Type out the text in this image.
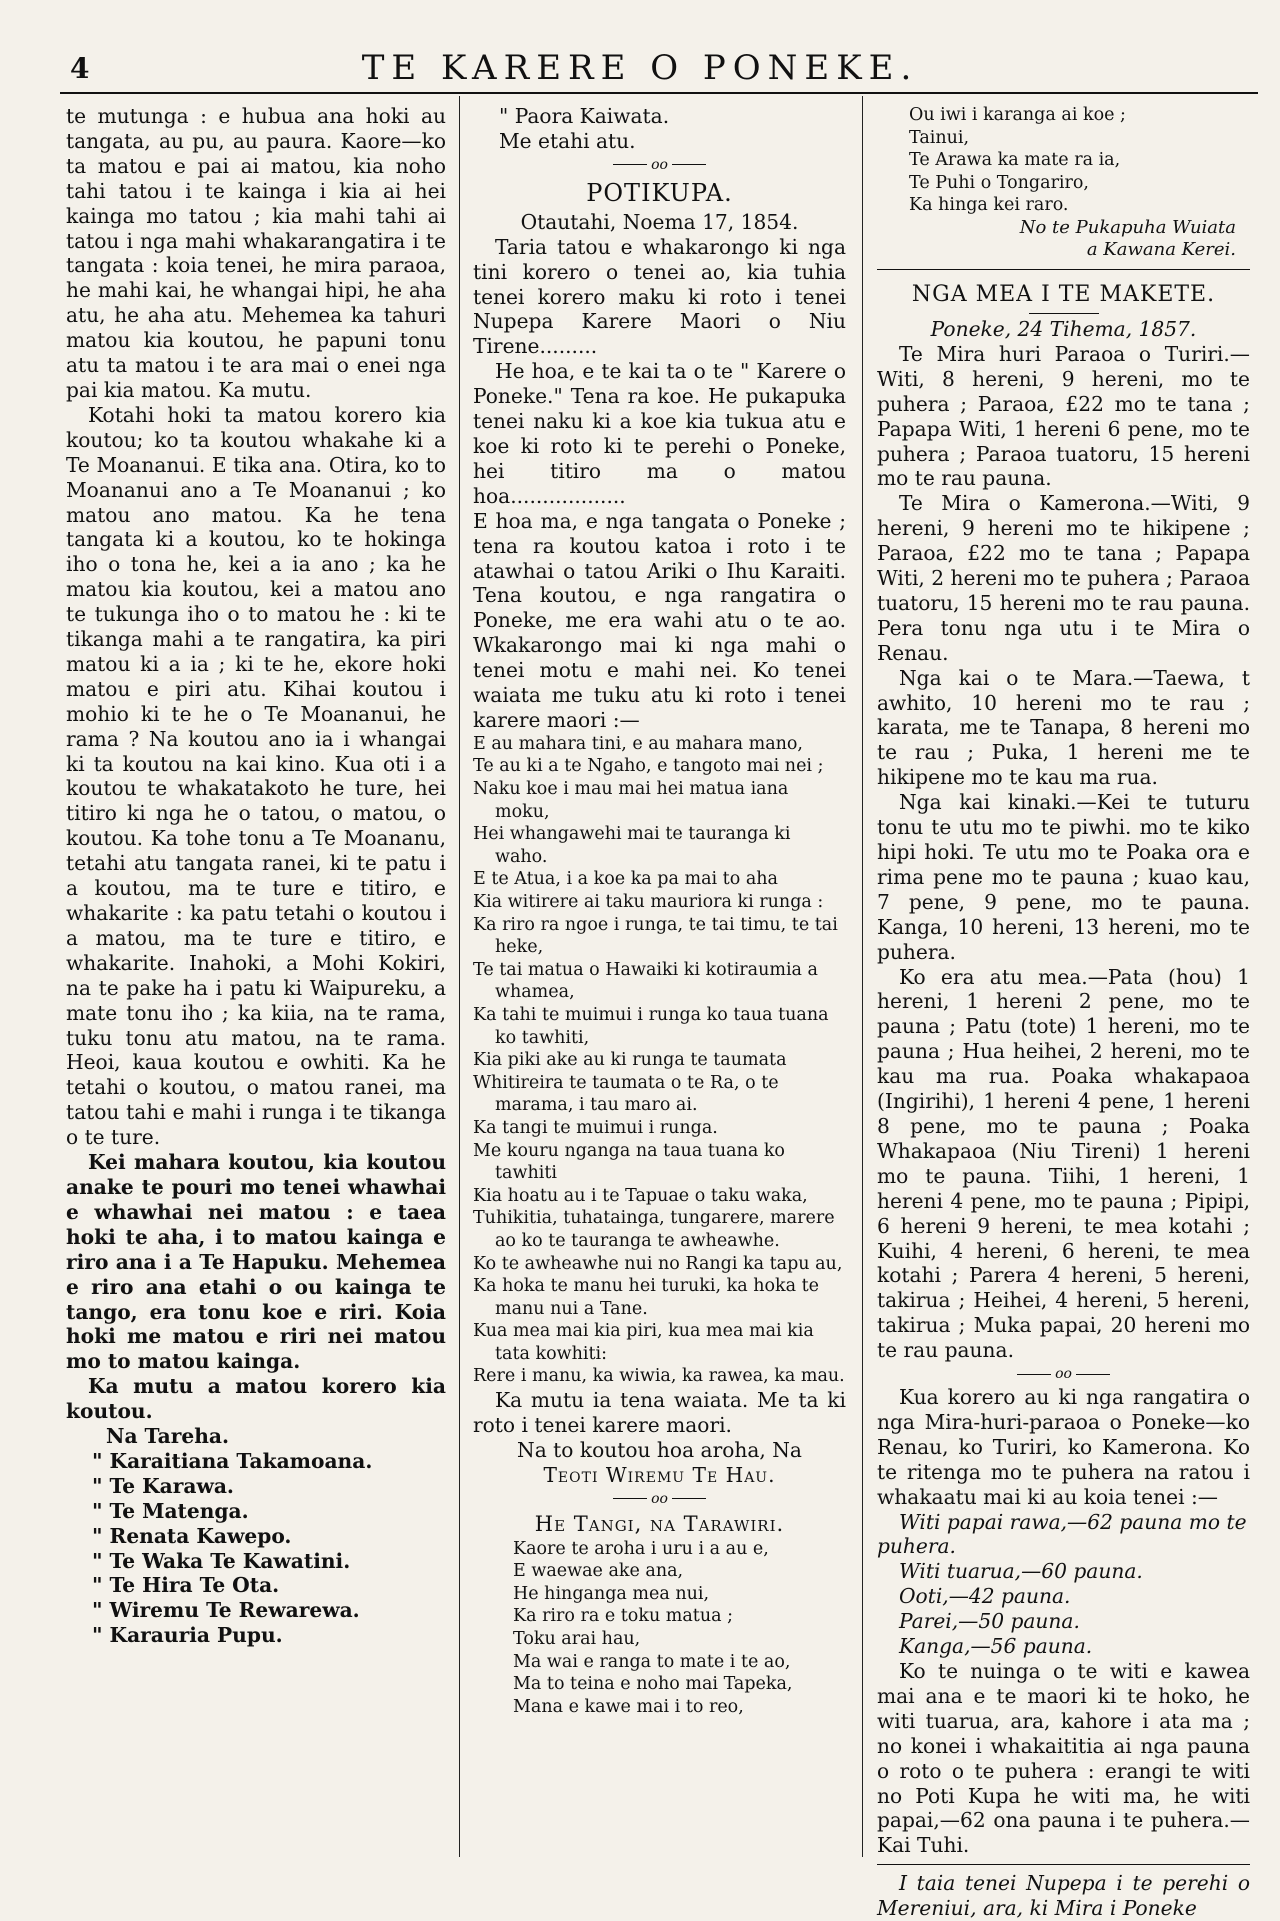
4	TE KARERE O PONEKE.

te mutunga : e hubua ana hoki au tangata, au pu, au paura. Kaore—ko ta matou e pai ai matou, kia noho tahi tatou i te kainga i kia ai hei kainga mo tatou ; kia mahi tahi ai tatou i nga mahi whakarangatira i te tangata : koia tenei, he mira paraoa, he mahi kai, he whangai hipi, he aha atu, he aha atu. Mehemea ka tahuri matou kia koutou, he papuni tonu atu ta matou i te ara mai o enei nga pai kia matou. Ka mutu.

Kotahi hoki ta matou korero kia koutou; ko ta koutou whakahe ki a Te Moananui. E tika ana. Otira, ko to Moananui ano a Te Moananui ; ko matou ano matou. Ka he tena tangata ki a koutou, ko te hokinga iho o tona he, kei a ia ano ; ka he matou kia koutou, kei a matou ano te tukunga iho o to matou he : ki te tikanga mahi a te rangatira, ka piri matou ki a ia ; ki te he, ekore hoki matou e piri atu. Kihai koutou i mohio ki te he o Te Moananui, he rama ? Na koutou ano ia i whangai ki ta koutou na kai kino. Kua oti i a koutou te whakatakoto he ture, hei titiro ki nga he o tatou, o matou, o koutou. Ka tohe tonu a Te Moananu, tetahi atu tangata ranei, ki te patu i a koutou, ma te ture e titiro, e whakarite : ka patu tetahi o koutou i a matou, ma te ture e titiro, e whakarite. Inahoki, a Mohi Kokiri, na te pake ha i patu ki Waipureku, a mate tonu iho ; ka kiia, na te rama, tuku tonu atu matou, na te rama. Heoi, kaua koutou e owhiti. Ka he tetahi o koutou, o matou ranei, ma tatou tahi e mahi i runga i te tikanga o te ture.

Kei mahara koutou, kia koutou anake te pouri mo tenei whawhai e whawhai nei matou : e taea hoki te aha, i to matou kainga e riro ana i a Te Hapuku. Mehemea e riro ana etahi o ou kainga te tango, era tonu koe e riri. Koia hoki me matou e riri nei matou mo to matou kainga.

Ka mutu a matou korero kia koutou.

Na Tareha.

" Karaitiana Takamoana.

" Te Karawa.

" Te Matenga.

" Renata Kawepo.

" Te Waka Te Kawatini.

" Te Hira Te Ota.

" Wiremu Te Rewarewa.

" Karauria Pupu.

" Paora Kaiwata.

Me etahi atu.

oo
POTIKUPA.

Otautahi, Noema 17, 1854.

Taria tatou e whakarongo ki nga tini korero o tenei ao, kia tuhia tenei korero maku ki roto i tenei Nupepa Karere Maori o Niu Tirene.........

He hoa, e te kai ta o te " Karere o Poneke." Tena ra koe. He pukapuka tenei naku ki a koe kia tukua atu e koe ki roto ki te perehi o Poneke, hei titiro ma o matou hoa..................

E hoa ma, e nga tangata o Poneke ; tena ra koutou katoa i roto i te atawhai o tatou Ariki o Ihu Karaiti. Tena koutou, e nga rangatira o Poneke, me era wahi atu o te ao. Wkakarongo mai ki nga mahi o tenei motu e mahi nei. Ko tenei waiata me tuku atu ki roto i tenei karere maori :—

E au mahara tini, e au mahara mano,

Te au ki a te Ngaho, e tangoto mai nei ;

Naku koe i mau mai hei matua iana moku,

Hei whangawehi mai te tauranga ki waho.

E te Atua, i a koe ka pa mai to aha

Kia witirere ai taku mauriora ki runga :

Ka riro ra ngoe i runga, te tai timu, te tai heke,

Te tai matua o Hawaiki ki kotiraumia a whamea,

Ka tahi te muimui i runga ko taua tuana ko tawhiti,

Kia piki ake au ki runga te taumata

Whitireira te taumata o te Ra, o te marama, i tau maro ai.

Ka tangi te muimui i runga.

Me kouru nganga na taua tuana ko tawhiti

Kia hoatu au i te Tapuae o taku waka,

Tuhikitia, tuhataingа, tungarere, marere ao ko te tauranga te awheawhe.

Ko te awheawhe nui no Rangi ka tapu au,

Ka hoka te manu hei turuki, ka hoka te manu nui a Tane.

Kua mea mai kia piri, kua mea mai kia tata kowhiti:

Rere i manu, ka wiwia, ka rawea, ka mau.

Ka mutu ia tena waiata. Me ta ki roto i tenei karere maori.

Na to koutou hoa aroha, Na

Teoti Wiremu Te Hau.

oo
He Tangi, na Tarawiri.

Kaore te aroha i uru i a au e,

E waewae ake ana,

He hinganga mea nui,

Ka riro ra e toku matua ;

Toku arai hau,

Ma wai e ranga to mate i te ao,

Ma to teina e noho mai Tapeka,

Mana e kawe mai i to reo,

Ou iwi i karanga ai koe ;

Tainui,

Te Arawa ka mate ra ia,

Te Puhi o Tongariro,

Ka hinga kei raro.

No te Pukapuha Wuiata

a Kawana Kerei.

NGA MEA I TE MAKETE.

Poneke, 24 Tihema, 1857.

Te Mira huri Paraoa o Turiri.— Witi, 8 hereni, 9 hereni, mo te puhera ; Paraoa, £22 mo te tana ; Papapa Witi, 1 hereni 6 pene, mo te puhera ; Paraoa tuatoru, 15 hereni mo te rau pauna.

Te Mira o Kamerona.—Witi, 9 hereni, 9 hereni mo te hikipene ; Paraoa, £22 mo te tana ; Papapa Witi, 2 hereni mo te puhera ; Paraoa tuatoru, 15 hereni mo te rau pauna. Pera tonu nga utu i te Mira o Renau.

Nga kai o te Mara.—Taewa, t awhito, 10 hereni mo te rau ; karata, me te Tanapa, 8 hereni mo te rau ; Puka, 1 hereni me te hikipene mo te kau ma rua.

Nga kai kinaki.—Kei te tuturu tonu te utu mo te piwhi. mo te kiko hipi hoki. Te utu mo te Poaka ora e rima pene mo te pauna ; kuao kau, 7 pene, 9 pene, mo te pauna. Kanga, 10 hereni, 13 hereni, mo te puhera.

Ko era atu mea.—Pata (hou) 1 hereni, 1 hereni 2 pene, mo te pauna ; Patu (tote) 1 hereni, mo te pauna ; Hua heihei, 2 hereni, mo te kau ma rua. Poaka whakapaoa (Ingirihi), 1 hereni 4 pene, 1 hereni 8 pene, mo te pauna ; Poaka Whakapaoa (Niu Tireni) 1 hereni mo te pauna. Tiihi, 1 hereni, 1 hereni 4 pene, mo te pauna ; Pipipi, 6 hereni 9 hereni, te mea kotahi ; Kuihi, 4 hereni, 6 hereni, te mea kotahi ; Parera 4 hereni, 5 hereni, takirua ; Heihei, 4 hereni, 5 hereni, takirua ; Muka papai, 20 hereni mo te rau pauna.

oo

Kua korero au ki nga rangatira o nga Mira-huri-paraoa o Poneke—ko Renau, ko Turiri, ko Kamerona. Ko te ritenga mo te puhera na ratou i whakaatu mai ki au koia tenei :—

Witi papai rawa,—62 pauna mo te puhera.

Witi tuarua,—60 pauna.

Ooti,—42 pauna.

Parei,—50 pauna.

Kanga,—56 pauna.

Ko te nuinga o te witi e kawea mai ana e te maori ki te hoko, he witi tuarua, ara, kahore i ata ma ; no konei i whakaititia ai nga pauna o roto o te puhera : erangi te witi no Poti Kupa he witi ma, he witi papai,—62 ona pauna i te puhera.—Kai Tuhi.

I taia tenei Nupepa i te perehi o Mereniui, ara, ki Mira i Poneke
